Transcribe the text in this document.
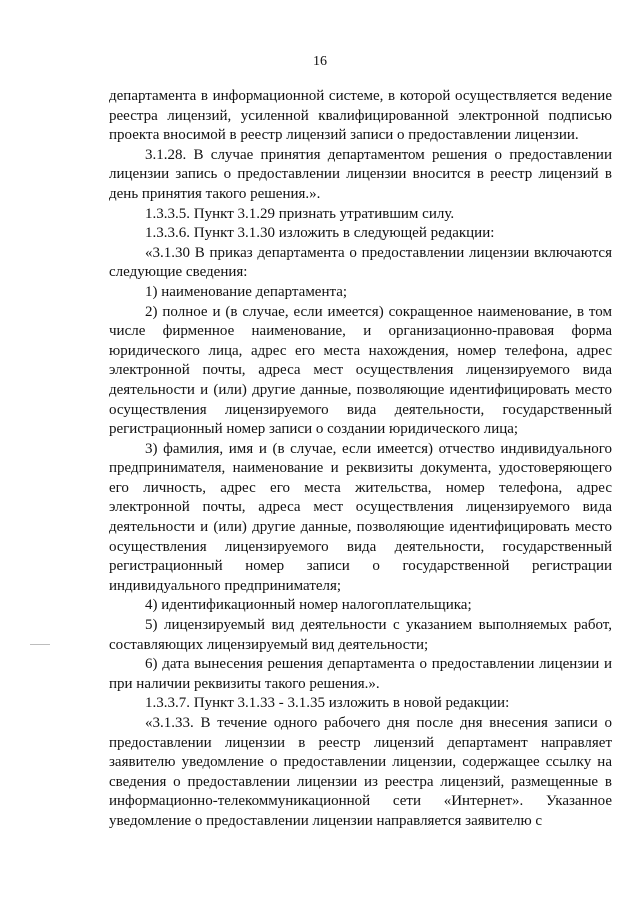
16

департамента в информационной системе, в которой осуществляется ведение реестра лицензий, усиленной квалифицированной электронной подписью проекта вносимой в реестр лицензий записи о предоставлении лицензии.

3.1.28. В случае принятия департаментом решения о предоставлении лицензии запись о предоставлении лицензии вносится в реестр лицензий в день принятия такого решения.».

1.3.3.5. Пункт 3.1.29 признать утратившим силу.

1.3.3.6. Пункт 3.1.30 изложить в следующей редакции:

«3.1.30 В приказ департамента о предоставлении лицензии включаются следующие сведения:

1) наименование департамента;

2) полное и (в случае, если имеется) сокращенное наименование, в том числе фирменное наименование, и организационно-правовая форма юридического лица, адрес его места нахождения, номер телефона, адрес электронной почты, адреса мест осуществления лицензируемого вида деятельности и (или) другие данные, позволяющие идентифицировать место осуществления лицензируемого вида деятельности, государственный регистрационный номер записи о создании юридического лица;

3) фамилия, имя и (в случае, если имеется) отчество индивидуального предпринимателя, наименование и реквизиты документа, удостоверяющего его личность, адрес его места жительства, номер телефона, адрес электронной почты, адреса мест осуществления лицензируемого вида деятельности и (или) другие данные, позволяющие идентифицировать место осуществления лицензируемого вида деятельности, государственный регистрационный номер записи о государственной регистрации индивидуального предпринимателя;

4) идентификационный номер налогоплательщика;

5) лицензируемый вид деятельности с указанием выполняемых работ, составляющих лицензируемый вид деятельности;

6) дата вынесения решения департамента о предоставлении лицензии и при наличии реквизиты такого решения.».

1.3.3.7. Пункт 3.1.33 - 3.1.35 изложить в новой редакции:

«3.1.33. В течение одного рабочего дня после дня внесения записи о предоставлении лицензии в реестр лицензий департамент направляет заявителю уведомление о предоставлении лицензии, содержащее ссылку на сведения о предоставлении лицензии из реестра лицензий, размещенные в информационно-телекоммуникационной сети «Интернет». Указанное уведомление о предоставлении лицензии направляется заявителю с
